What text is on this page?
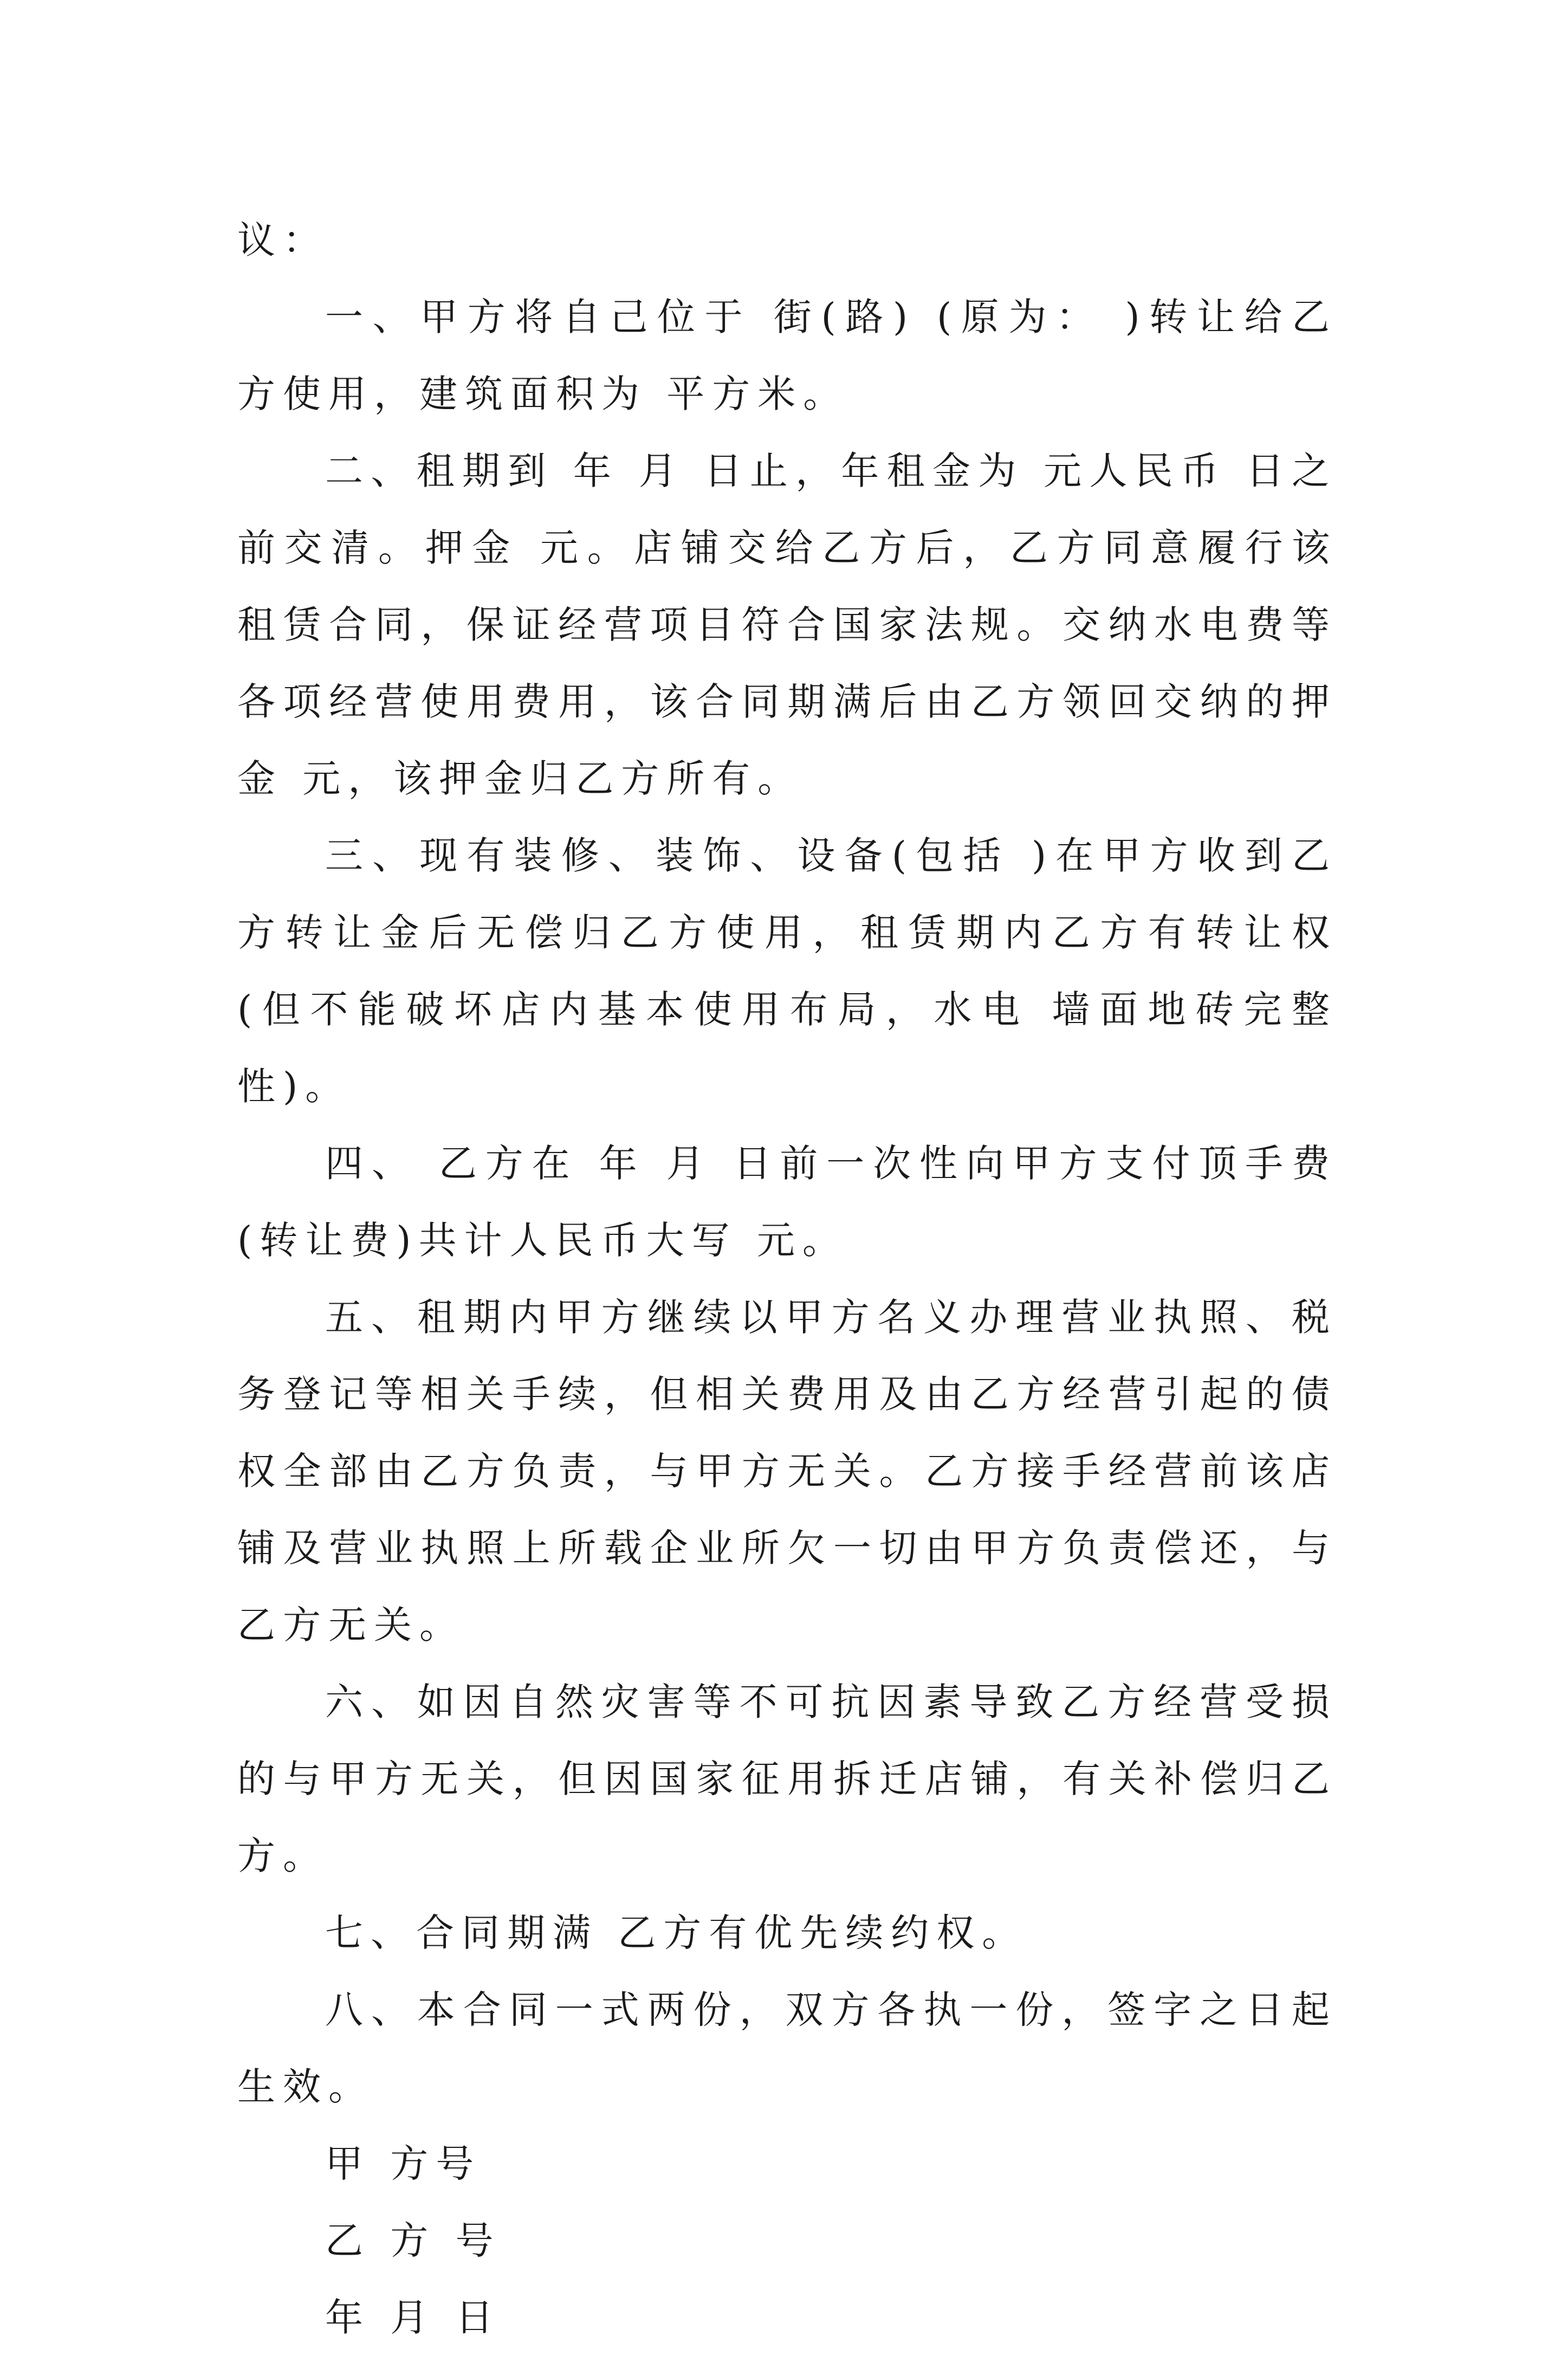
议：

一、甲方将自己位于 街(路) (原为： )转让给乙方使用，建筑面积为 平方米。

二、租期到 年 月 日止，年租金为 元人民币 日之前交清。押金 元。店铺交给乙方后，乙方同意履行该租赁合同，保证经营项目符合国家法规。交纳水电费等各项经营使用费用，该合同期满后由乙方领回交纳的押金 元，该押金归乙方所有。

三、现有装修、装饰、设备(包括 )在甲方收到乙方转让金后无偿归乙方使用，租赁期内乙方有转让权(但不能破坏店内基本使用布局，水电 墙面地砖完整性)。

四、 乙方在 年 月 日前一次性向甲方支付顶手费(转让费)共计人民币大写 元。

五、租期内甲方继续以甲方名义办理营业执照、税务登记等相关手续，但相关费用及由乙方经营引起的债权全部由乙方负责，与甲方无关。乙方接手经营前该店铺及营业执照上所载企业所欠一切由甲方负责偿还，与乙方无关。

六、如因自然灾害等不可抗因素导致乙方经营受损的与甲方无关，但因国家征用拆迁店铺，有关补偿归乙方。

七、合同期满 乙方有优先续约权。

八、本合同一式两份，双方各执一份，签字之日起生效。

甲 方号

乙 方 号

年 月 日
